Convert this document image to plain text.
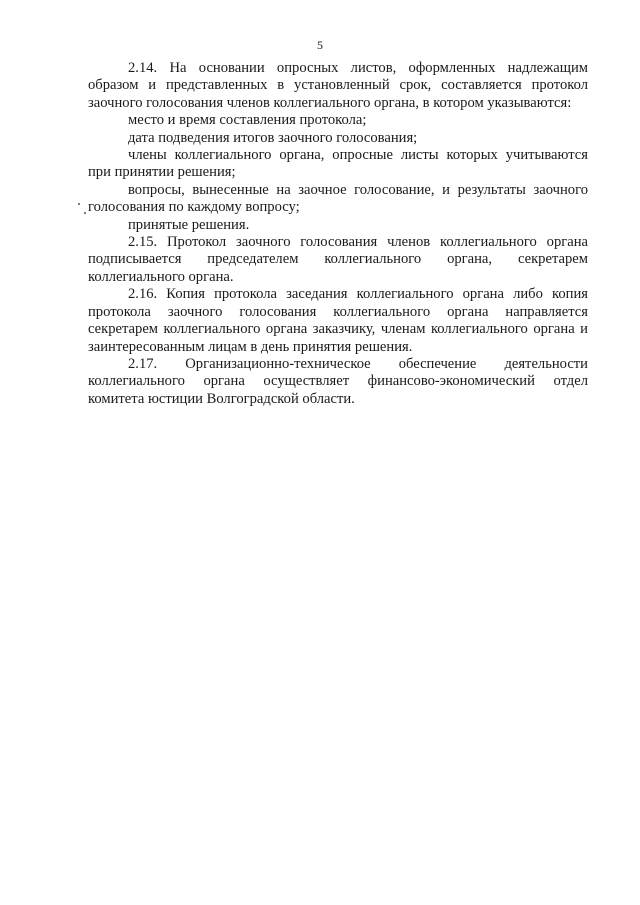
5

2.14. На основании опросных листов, оформленных надлежащим образом и представленных в установленный срок, составляется протокол заочного голосования членов коллегиального органа, в котором указываются:

место и время составления протокола;

дата подведения итогов заочного голосования;

члены коллегиального органа, опросные листы которых учитываются при принятии решения;

вопросы, вынесенные на заочное голосование, и результаты заочного голосования по каждому вопросу;

принятые решения.

2.15. Протокол заочного голосования членов коллегиального органа подписывается председателем коллегиального органа, секретарем коллегиального органа.

2.16. Копия протокола заседания коллегиального органа либо копия протокола заочного голосования коллегиального органа направляется секретарем коллегиального органа заказчику, членам коллегиального органа и заинтересованным лицам в день принятия решения.

2.17. Организационно-техническое обеспечение деятельности коллегиального органа осуществляет финансово-экономический отдел комитета юстиции Волгоградской области.
